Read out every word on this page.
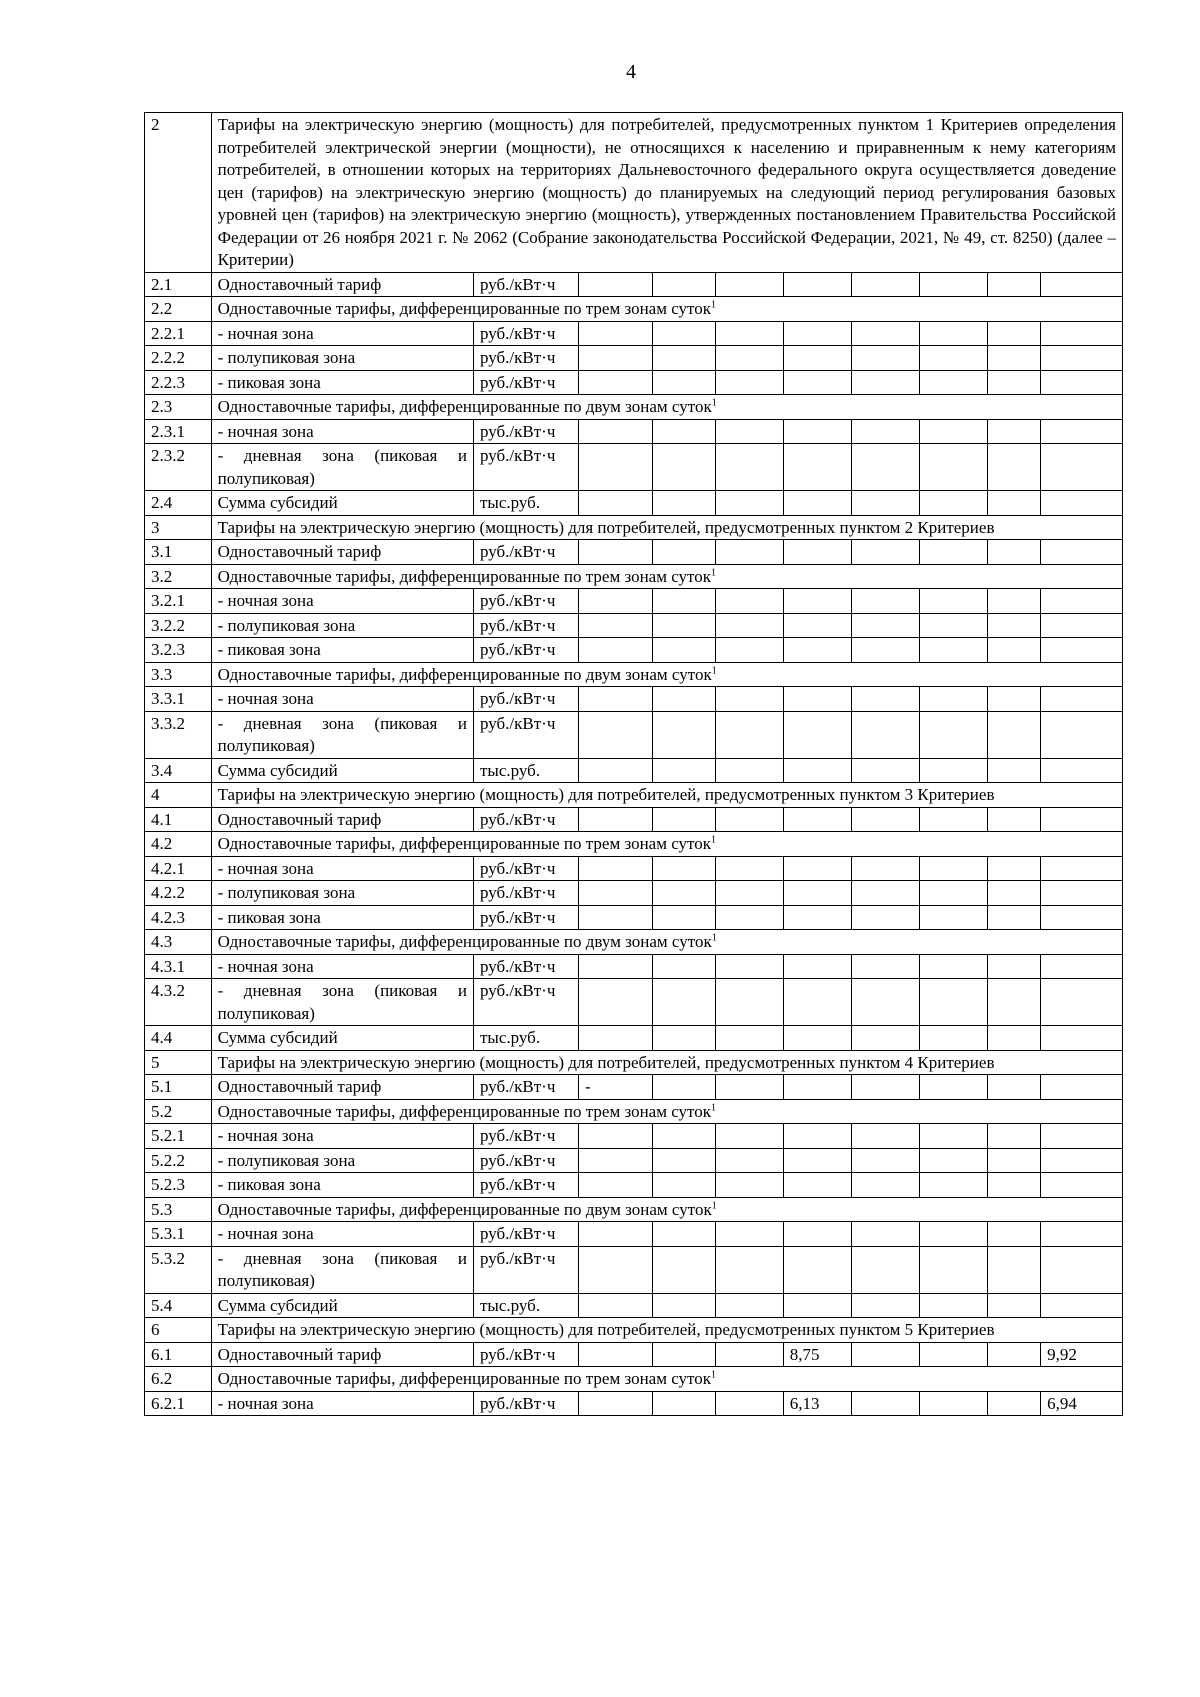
4
2	Тарифы на электрическую энергию (мощность) для потребителей, предусмотренных пунктом 1 Критериев определения потребителей электрической энергии (мощности), не относящихся к населению и приравненным к нему категориям потребителей, в отношении которых на территориях Дальневосточного федерального округа осуществляется доведение цен (тарифов) на электрическую энергию (мощность) до планируемых на следующий период регулирования базовых уровней цен (тарифов) на электрическую энергию (мощность), утвержденных постановлением Правительства Российской Федерации от 26 ноября 2021 г. № 2062 (Собрание законодательства Российской Федерации, 2021, № 49, ст. 8250) (далее – Критерии)									
2.1	Одноставочный тариф	руб./кВт·ч								
2.2	Одноставочные тарифы, дифференцированные по трем зонам суток$^1$
2.2.1	- ночная зона	руб./кВт·ч								
2.2.2	- полупиковая зона	руб./кВт·ч								
2.2.3	- пиковая зона	руб./кВт·ч								
2.3	Одноставочные тарифы, дифференцированные по двум зонам суток$^1$
2.3.1	- ночная зона	руб./кВт·ч								
2.3.2	- дневная зона (пиковая и полупиковая)	руб./кВт·ч								
2.4	Сумма субсидий	тыс.руб.								
3	Тарифы на электрическую энергию (мощность) для потребителей, предусмотренных пунктом 2 Критериев									
3.1	Одноставочный тариф	руб./кВт·ч								
3.2	Одноставочные тарифы, дифференцированные по трем зонам суток$^1$
3.2.1	- ночная зона	руб./кВт·ч								
3.2.2	- полупиковая зона	руб./кВт·ч								
3.2.3	- пиковая зона	руб./кВт·ч								
3.3	Одноставочные тарифы, дифференцированные по двум зонам суток$^1$
3.3.1	- ночная зона	руб./кВт·ч								
3.3.2	- дневная зона (пиковая и полупиковая)	руб./кВт·ч								
3.4	Сумма субсидий	тыс.руб.								
4	Тарифы на электрическую энергию (мощность) для потребителей, предусмотренных пунктом 3 Критериев									
4.1	Одноставочный тариф	руб./кВт·ч								
4.2	Одноставочные тарифы, дифференцированные по трем зонам суток$^1$
4.2.1	- ночная зона	руб./кВт·ч								
4.2.2	- полупиковая зона	руб./кВт·ч								
4.2.3	- пиковая зона	руб./кВт·ч								
4.3	Одноставочные тарифы, дифференцированные по двум зонам суток$^1$
4.3.1	- ночная зона	руб./кВт·ч								
4.3.2	- дневная зона (пиковая и полупиковая)	руб./кВт·ч								
4.4	Сумма субсидий	тыс.руб.								
5	Тарифы на электрическую энергию (мощность) для потребителей, предусмотренных пунктом 4 Критериев									
5.1	Одноставочный тариф	руб./кВт·ч	-							
5.2	Одноставочные тарифы, дифференцированные по трем зонам суток$^1$
5.2.1	- ночная зона	руб./кВт·ч								
5.2.2	- полупиковая зона	руб./кВт·ч								
5.2.3	- пиковая зона	руб./кВт·ч								
5.3	Одноставочные тарифы, дифференцированные по двум зонам суток$^1$
5.3.1	- ночная зона	руб./кВт·ч								
5.3.2	- дневная зона (пиковая и полупиковая)	руб./кВт·ч								
5.4	Сумма субсидий	тыс.руб.								
6	Тарифы на электрическую энергию (мощность) для потребителей, предусмотренных пунктом 5 Критериев									
6.1	Одноставочный тариф	руб./кВт·ч				8,75				9,92
6.2	Одноставочные тарифы, дифференцированные по трем зонам суток$^1$
6.2.1	- ночная зона	руб./кВт·ч				6,13				6,94
